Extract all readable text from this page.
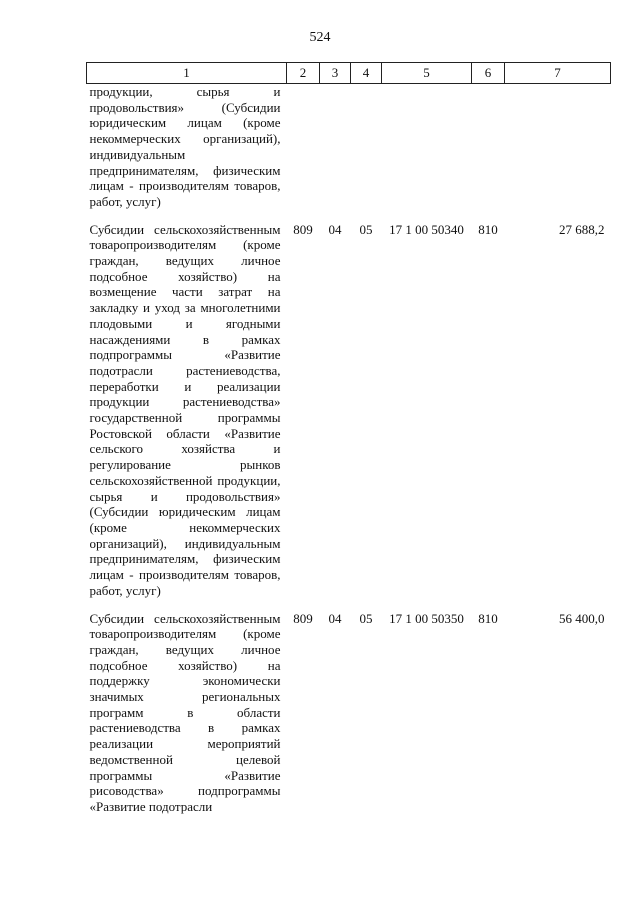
524
1	2	3	4	5	6	7
продукции, сырья и продовольствия» (Субсидии юридическим лицам (кроме некоммерческих организаций), индивидуальным предпринимателям, физическим лицам - производителям товаров, работ, услуг)						

Субсидии сельскохозяйственным товаропроизводителям (кроме граждан, ведущих личное подсобное хозяйство) на возмещение части затрат на закладку и уход за многолетними плодовыми и ягодными насаждениями в рамках подпрограммы «Развитие подотрасли растениеводства, переработки и реализации продукции растениеводства» государственной программы Ростовской области «Развитие сельского хозяйства и регулирование рынков сельскохозяйственной продукции, сырья и продовольствия» (Субсидии юридическим лицам (кроме некоммерческих организаций), индивидуальным предпринимателям, физическим лицам - производителям товаров, работ, услуг)	809	04	05	17 1 00 50340	810	27 688,2

Субсидии сельскохозяйственным товаропроизводителям (кроме граждан, ведущих личное подсобное хозяйство) на поддержку экономически значимых региональных программ в области растениеводства в рамках реализации мероприятий ведомственной целевой программы «Развитие рисоводства» подпрограммы «Развитие подотрасли	809	04	05	17 1 00 50350	810	56 400,0
